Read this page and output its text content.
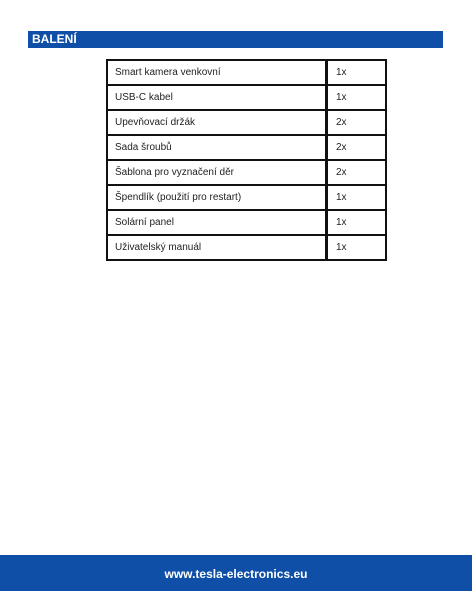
BALENÍ
Smart kamera venkovní	1x
USB-C kabel	1x
Upevňovací držák	2x
Sada šroubů	2x
Šablona pro vyznačení děr	2x
Špendlík (použití pro restart)	1x
Solární panel	1x
Uživatelský manuál	1x
www.tesla-electronics.eu
